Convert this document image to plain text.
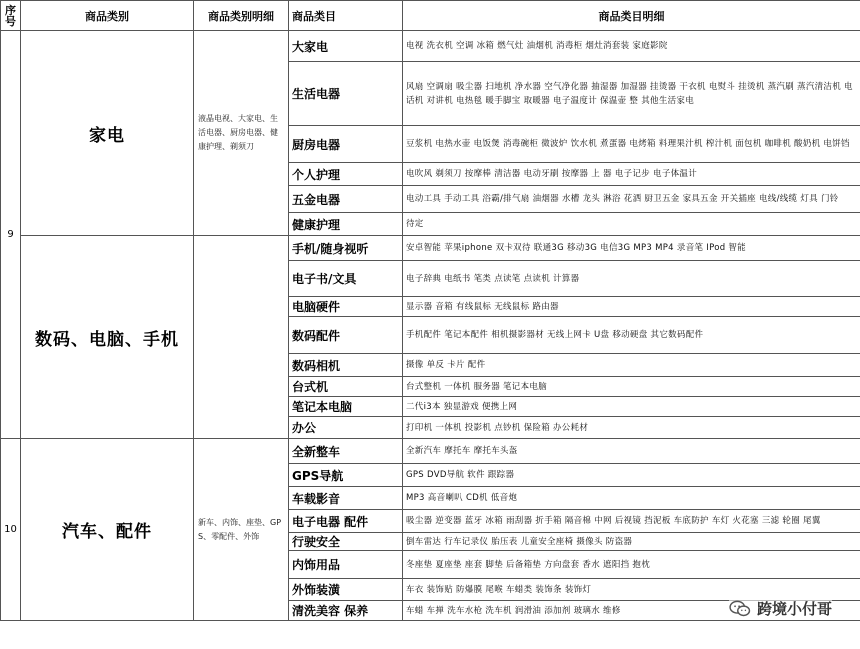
序号	商品类别	商品类别明细	商品类目	商品类目明细
9	家电	液晶电视、大家电、生活电器、厨房电器、健康护理、剃须刀	大家电	电视 洗衣机 空调 冰箱 燃气灶 油烟机 消毒柜 烟灶消套装 家庭影院
			生活电器	风扇 空调扇 吸尘器 扫地机 净水器 空气净化器 抽湿器 加湿器 挂烫器 干衣机 电熨斗 挂烫机 蒸汽刷 蒸汽清洁机 电话机 对讲机 电热毯 暖手脚宝 取暖器 电子温度计 保温壶 整 其他生活家电
			厨房电器	豆浆机 电热水壶 电饭煲 消毒碗柜 微波炉 饮水机 煮蛋器 电烤箱 料理果汁机 榨汁机 面包机 咖啡机 酸奶机 电饼铛
			个人护理	电吹风 剃须刀 按摩棒 清洁器 电动牙刷 按摩器 上 器 电子记步 电子体温计
			五金电器	电动工具 手动工具 浴霸/排气扇 油烟器 水槽 龙头 淋浴 花洒 厨卫五金 家具五金 开关插座 电线/线缆 灯具 门铃
			健康护理	待定
	数码、电脑、手机		手机/随身视听	安卓智能 苹果iphone 双卡双待 联通3G 移动3G 电信3G MP3 MP4 录音笔 IPod 智能
			电子书/文具	电子辞典 电纸书 笔类 点读笔 点读机 计算器
			电脑硬件	显示器 音箱 有线鼠标 无线鼠标 路由器
			数码配件	手机配件 笔记本配件 相机摄影器材 无线上网卡 U盘 移动硬盘 其它数码配件
			数码相机	摄像 单反 卡片 配件
			台式机	台式整机 一体机 服务器 笔记本电脑
			笔记本电脑	二代i3本 独显游戏 便携上网
			办公	打印机 一体机 投影机 点钞机 保险箱 办公耗材
10	汽车、配件	新车、内饰、座垫、GPS、零配件、外饰	全新整车	全新汽车 摩托车 摩托车头盔
			GPS导航	GPS DVD导航 软件 跟踪器
			车载影音	MP3 高音喇叭 CD机 低音炮
			电子电器 配件	吸尘器 逆变器 蓝牙 冰箱 雨刮器 折手箱 隔音棉 中网 后视镜 挡泥板 车底防护 车灯 火花塞 三滤 轮圈 尾翼
			行驶安全	倒车雷达 行车记录仪 胎压表 儿童安全座椅 摄像头 防盗器
			内饰用品	冬座垫 夏座垫 座套 脚垫 后备箱垫 方向盘套 香水 遮阳挡 抱枕
			外饰装潢	车衣 装饰贴 防爆膜 尾喉 车蜡类 装饰条 装饰灯
			清洗美容 保养	车蜡 车掸 洗车水枪 洗车机 润滑油 添加剂 玻璃水 维修	跨境小付哥
